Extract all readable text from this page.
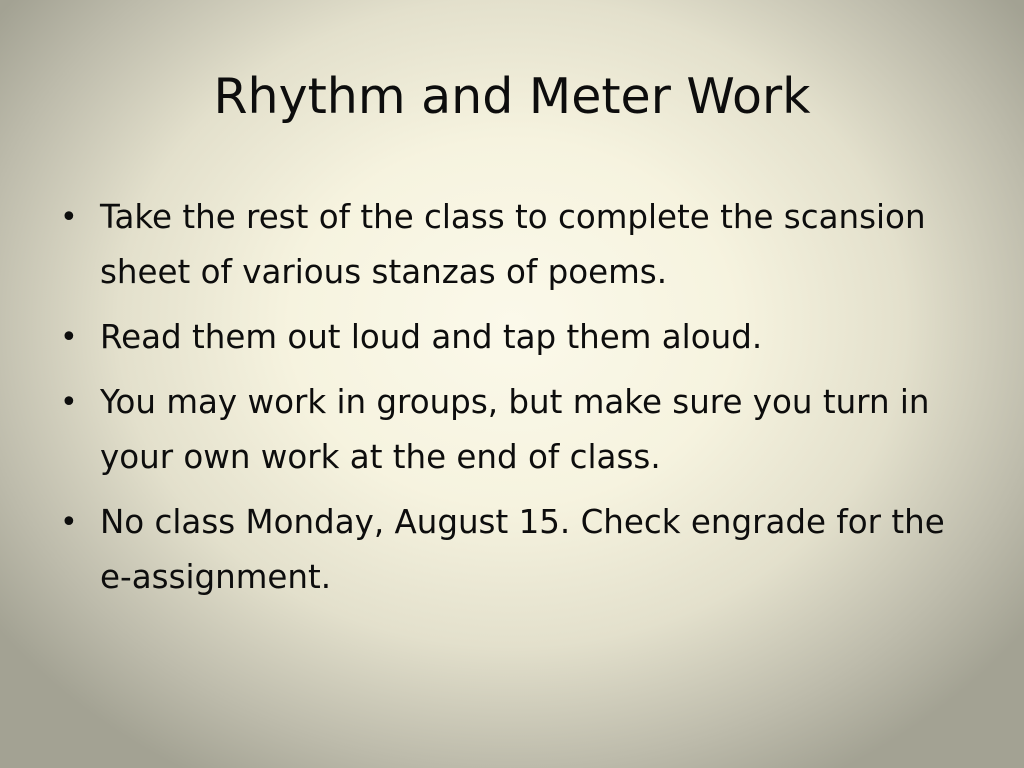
Rhythm and Meter Work
• Take the rest of the class to complete the scansion sheet of various stanzas of poems.
• Read them out loud and tap them aloud.
• You may work in groups, but make sure you turn in your own work at the end of class.
• No class Monday, August 15. Check engrade for the e-assignment.
